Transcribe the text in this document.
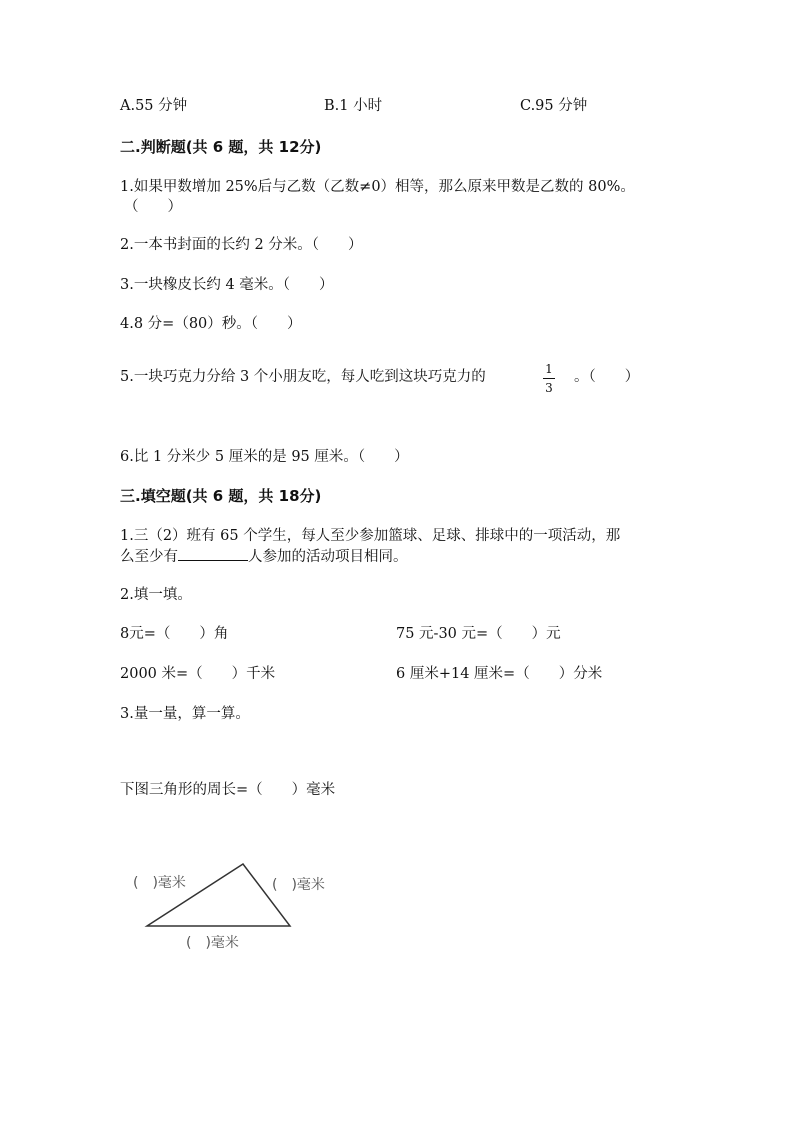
A.55 分钟	B.1 小时	C.95 分钟
二.判断题(共 6 题，共 12分)
1.如果甲数增加 25%后与乙数（乙数≠0）相等，那么原来甲数是乙数的 80%。
（　　）
2.一本书封面的长约 2 分米。（　　）
3.一块橡皮长约 4 毫米。（　　）
4.8 分=（80）秒。（　　）
5.一块巧克力分给 3 个小朋友吃，每人吃到这块巧克力的	1
3
。（　　）
6.比 1 分米少 5 厘米的是 95 厘米。（　　）
三.填空题(共 6 题，共 18分)
1.三（2）班有 65 个学生，每人至少参加篮球、足球、排球中的一项活动，那
么至少有	人参加的活动项目相同。
2.填一填。
8元=（　　）角	75 元-30 元=（　　）元
2000 米=（　　）千米	6 厘米+14 厘米=（　　）分米
3.量一量，算一算。
下图三角形的周长=（　　）毫米
(　)毫米	(　)毫米
(　)毫米
